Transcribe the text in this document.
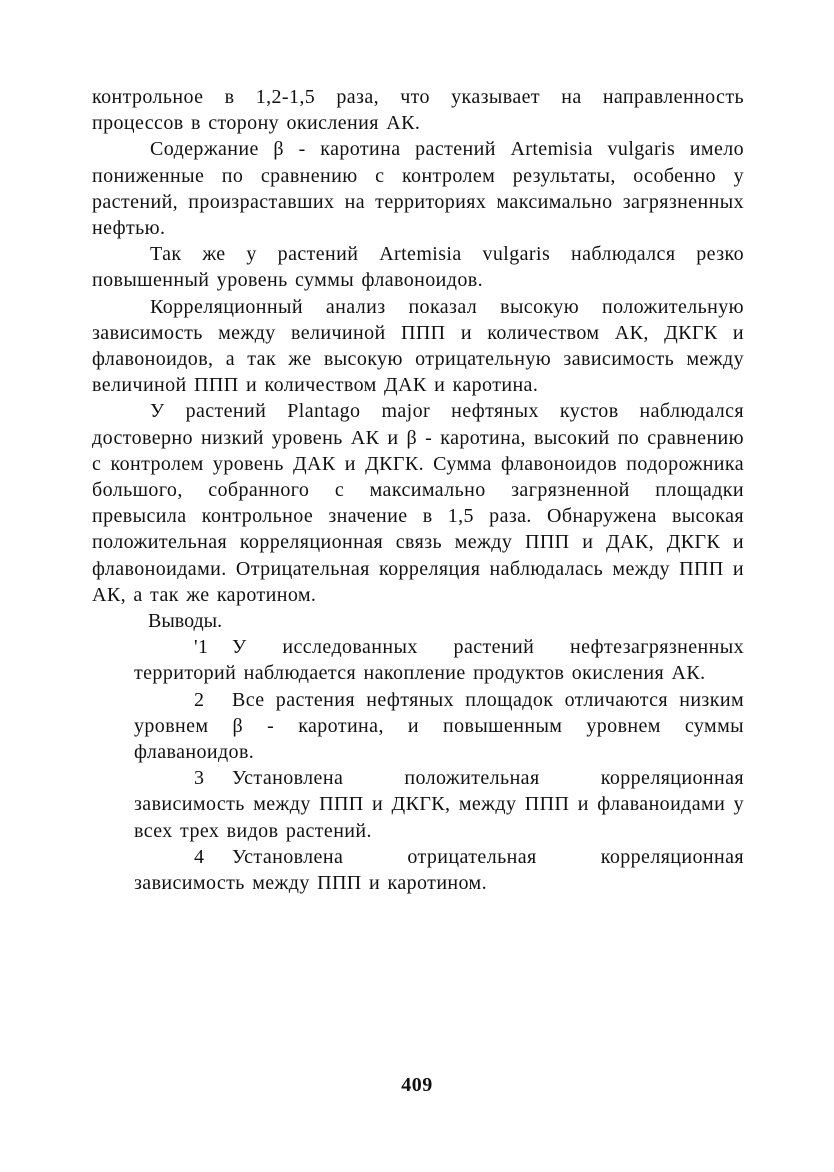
контрольное в 1,2-1,5 раза, что указывает на направленность процессов в сторону окисления АК.

Содержание β - каротина растений Artemisia vulgaris имело пониженные по сравнению с контролем результаты, особенно у растений, произраставших на территориях максимально загрязненных нефтью.

Так же у растений Artemisia vulgaris наблюдался резко повышенный уровень суммы флавоноидов.

Корреляционный анализ показал высокую положительную зависимость между величиной ППП и количеством АК, ДКГК и флавоноидов, а так же высокую отрицательную зависимость между величиной ППП и количеством ДАК и каротина.

У растений Plantago major нефтяных кустов наблюдался достоверно низкий уровень АК и β - каротина, высокий по сравнению с контролем уровень ДАК и ДКГК. Сумма флавоноидов подорожника большого, собранного с максимально загрязненной площадки превысила контрольное значение в 1,5 раза. Обнаружена высокая положительная корреляционная связь между ППП и ДАК, ДКГК и флавоноидами. Отрицательная корреляция наблюдалась между ППП и АК, а так же каротином.

Выводы.

'1 У исследованных растений нефтезагрязненных территорий наблюдается накопление продуктов окисления АК.

2 Все растения нефтяных площадок отличаются низким уровнем β - каротина, и повышенным уровнем суммы флаваноидов.

3 Установлена положительная корреляционная зависимость между ППП и ДКГК, между ППП и флаваноидами у всех трех видов растений.

4 Установлена отрицательная корреляционная зависимость между ППП и каротином.

409
